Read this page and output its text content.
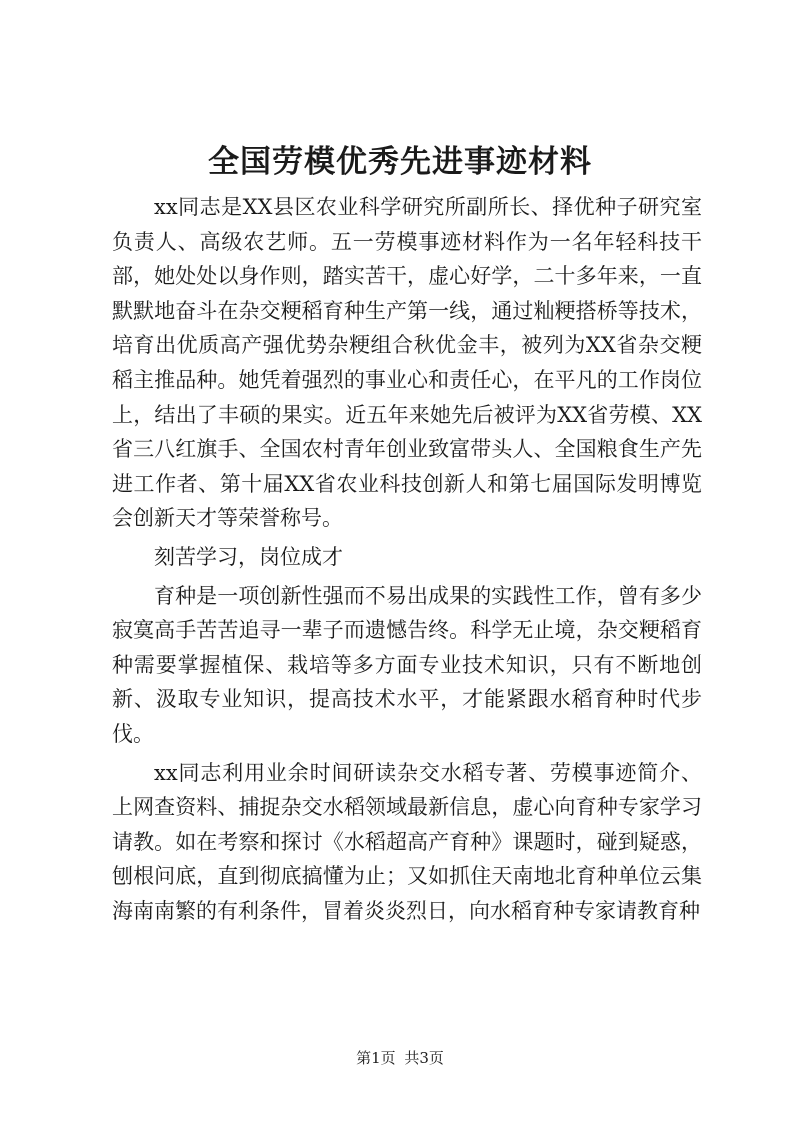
全国劳模优秀先进事迹材料

xx同志是XX县区农业科学研究所副所长、择优种子研究室负责人、高级农艺师。五一劳模事迹材料作为一名年轻科技干部，她处处以身作则，踏实苦干，虚心好学，二十多年来，一直默默地奋斗在杂交粳稻育种生产第一线，通过籼粳搭桥等技术，培育出优质高产强优势杂粳组合秋优金丰，被列为XX省杂交粳稻主推品种。她凭着强烈的事业心和责任心，在平凡的工作岗位上，结出了丰硕的果实。近五年来她先后被评为XX省劳模、XX省三八红旗手、全国农村青年创业致富带头人、全国粮食生产先进工作者、第十届XX省农业科技创新人和第七届国际发明博览会创新天才等荣誉称号。

刻苦学习，岗位成才

育种是一项创新性强而不易出成果的实践性工作，曾有多少寂寞高手苦苦追寻一辈子而遗憾告终。科学无止境，杂交粳稻育种需要掌握植保、栽培等多方面专业技术知识，只有不断地创新、汲取专业知识，提高技术水平，才能紧跟水稻育种时代步伐。

xx同志利用业余时间研读杂交水稻专著、劳模事迹简介、上网查资料、捕捉杂交水稻领域最新信息，虚心向育种专家学习请教。如在考察和探讨《水稻超高产育种》课题时，碰到疑惑，刨根问底，直到彻底搞懂为止；又如抓住天南地北育种单位云集海南南繁的有利条件，冒着炎炎烈日，向水稻育种专家请教育种

第1页 共3页
